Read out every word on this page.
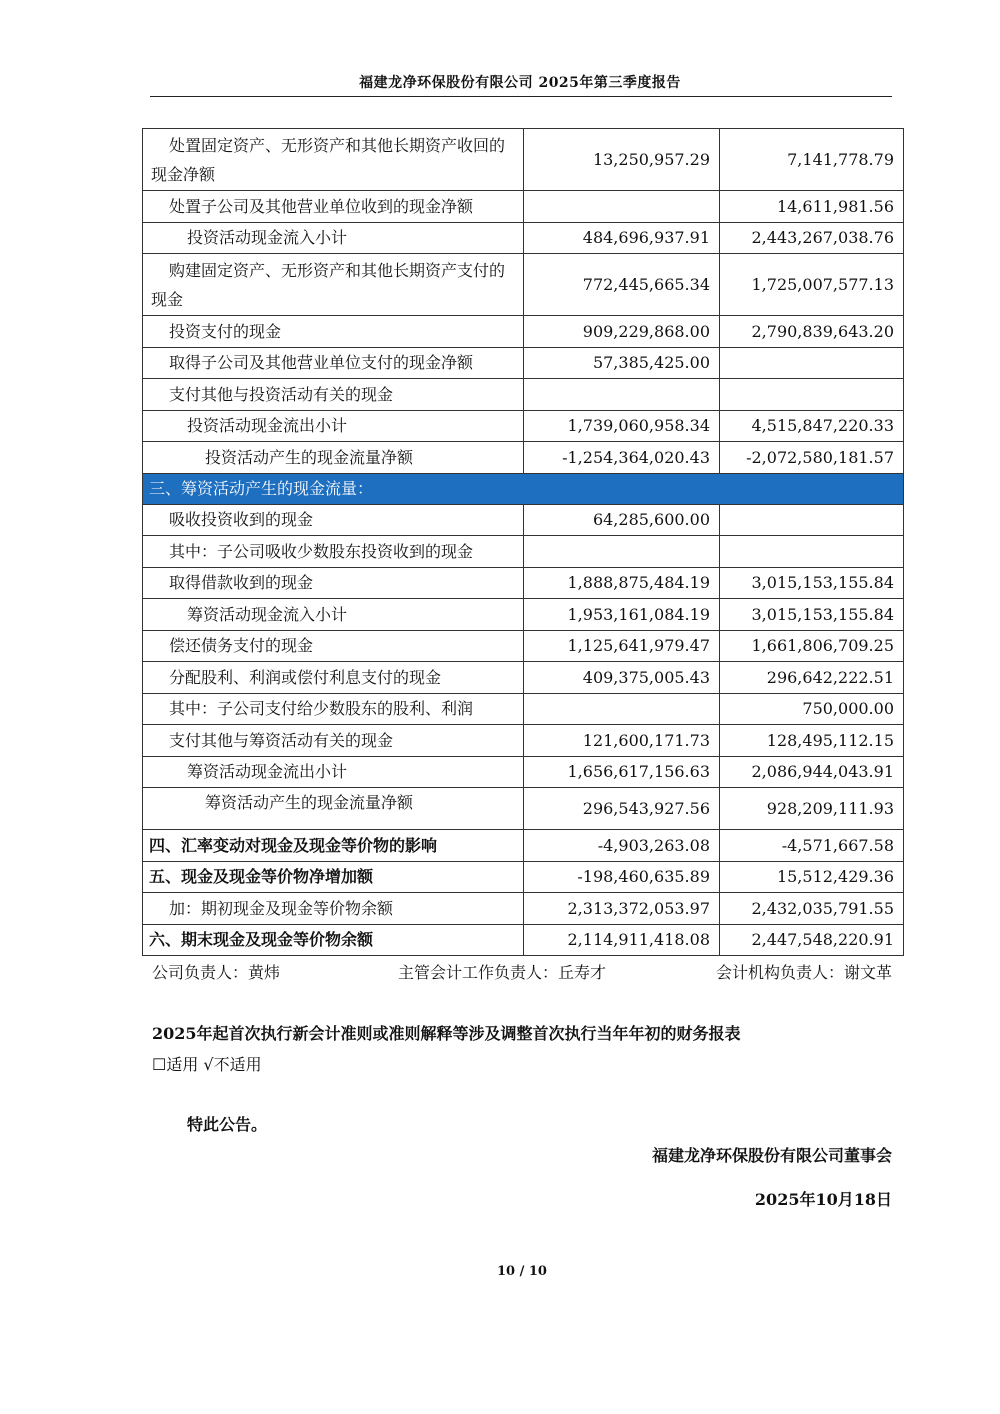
福建龙净环保股份有限公司 2025年第三季度报告
处置固定资产、无形资产和其他长期资产收回的现金净额	13,250,957.29	7,141,778.79
处置子公司及其他营业单位收到的现金净额		14,611,981.56
投资活动现金流入小计	484,696,937.91	2,443,267,038.76
购建固定资产、无形资产和其他长期资产支付的现金	772,445,665.34	1,725,007,577.13
投资支付的现金	909,229,868.00	2,790,839,643.20
取得子公司及其他营业单位支付的现金净额	57,385,425.00	
支付其他与投资活动有关的现金		
投资活动现金流出小计	1,739,060,958.34	4,515,847,220.33
投资活动产生的现金流量净额	-1,254,364,020.43	-2,072,580,181.57
三、筹资活动产生的现金流量：		
吸收投资收到的现金	64,285,600.00	
其中：子公司吸收少数股东投资收到的现金		
取得借款收到的现金	1,888,875,484.19	3,015,153,155.84
筹资活动现金流入小计	1,953,161,084.19	3,015,153,155.84
偿还债务支付的现金	1,125,641,979.47	1,661,806,709.25
分配股利、利润或偿付利息支付的现金	409,375,005.43	296,642,222.51
其中：子公司支付给少数股东的股利、利润		750,000.00
支付其他与筹资活动有关的现金	121,600,171.73	128,495,112.15
筹资活动现金流出小计	1,656,617,156.63	2,086,944,043.91
筹资活动产生的现金流量净额	296,543,927.56	928,209,111.93
四、汇率变动对现金及现金等价物的影响	-4,903,263.08	-4,571,667.58
五、现金及现金等价物净增加额	-198,460,635.89	15,512,429.36
加：期初现金及现金等价物余额	2,313,372,053.97	2,432,035,791.55
六、期末现金及现金等价物余额	2,114,911,418.08	2,447,548,220.91
公司负责人：黄炜	主管会计工作负责人：丘寿才	会计机构负责人：谢文革
2025年起首次执行新会计准则或准则解释等涉及调整首次执行当年年初的财务报表
☐适用 √不适用
特此公告。
福建龙净环保股份有限公司董事会
2025年10月18日
10 / 10
